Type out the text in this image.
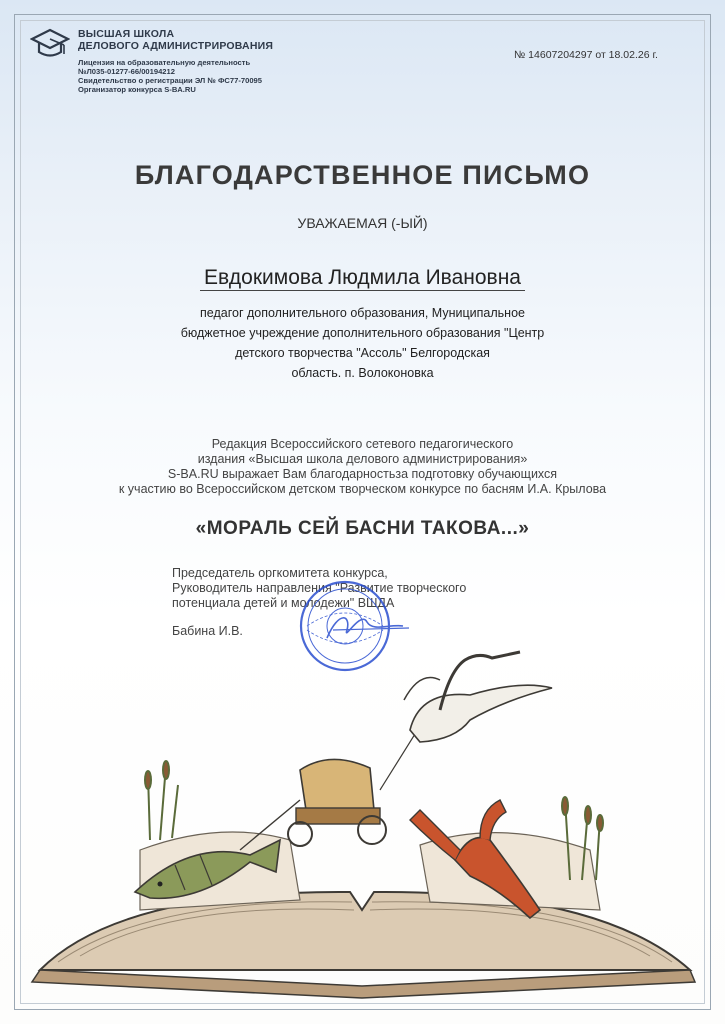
ВЫСШАЯ ШКОЛА
ДЕЛОВОГО АДМИНИСТРИРОВАНИЯ
Лицензия на образовательную деятельность
№Л035-01277-66/00194212
Свидетельство о регистрации ЭЛ № ФС77-70095
Организатор конкурса S-BA.RU
№ 14607204297 от 18.02.26 г.
БЛАГОДАРСТВЕННОЕ ПИСЬМО
УВАЖАЕМАЯ (-ЫЙ)
Евдокимова Людмила Ивановна
педагог дополнительного образования, Муниципальное
бюджетное учреждение дополнительного образования "Центр
детского творчества "Ассоль" Белгородская
область. п. Волоконовка
Редакция Всероссийского сетевого педагогического
издания «Высшая школа делового администрирования»
S-BA.RU выражает Вам благодарностьза подготовку обучающихся
к участию во Всероссийском детском творческом конкурсе по басням И.А. Крылова
«МОРАЛЬ СЕЙ БАСНИ ТАКОВА...»
Председатель оргкомитета конкурса,
Руководитель направления "Развитие творческого
потенциала детей и молодежи" ВШДА
Бабина И.В.
